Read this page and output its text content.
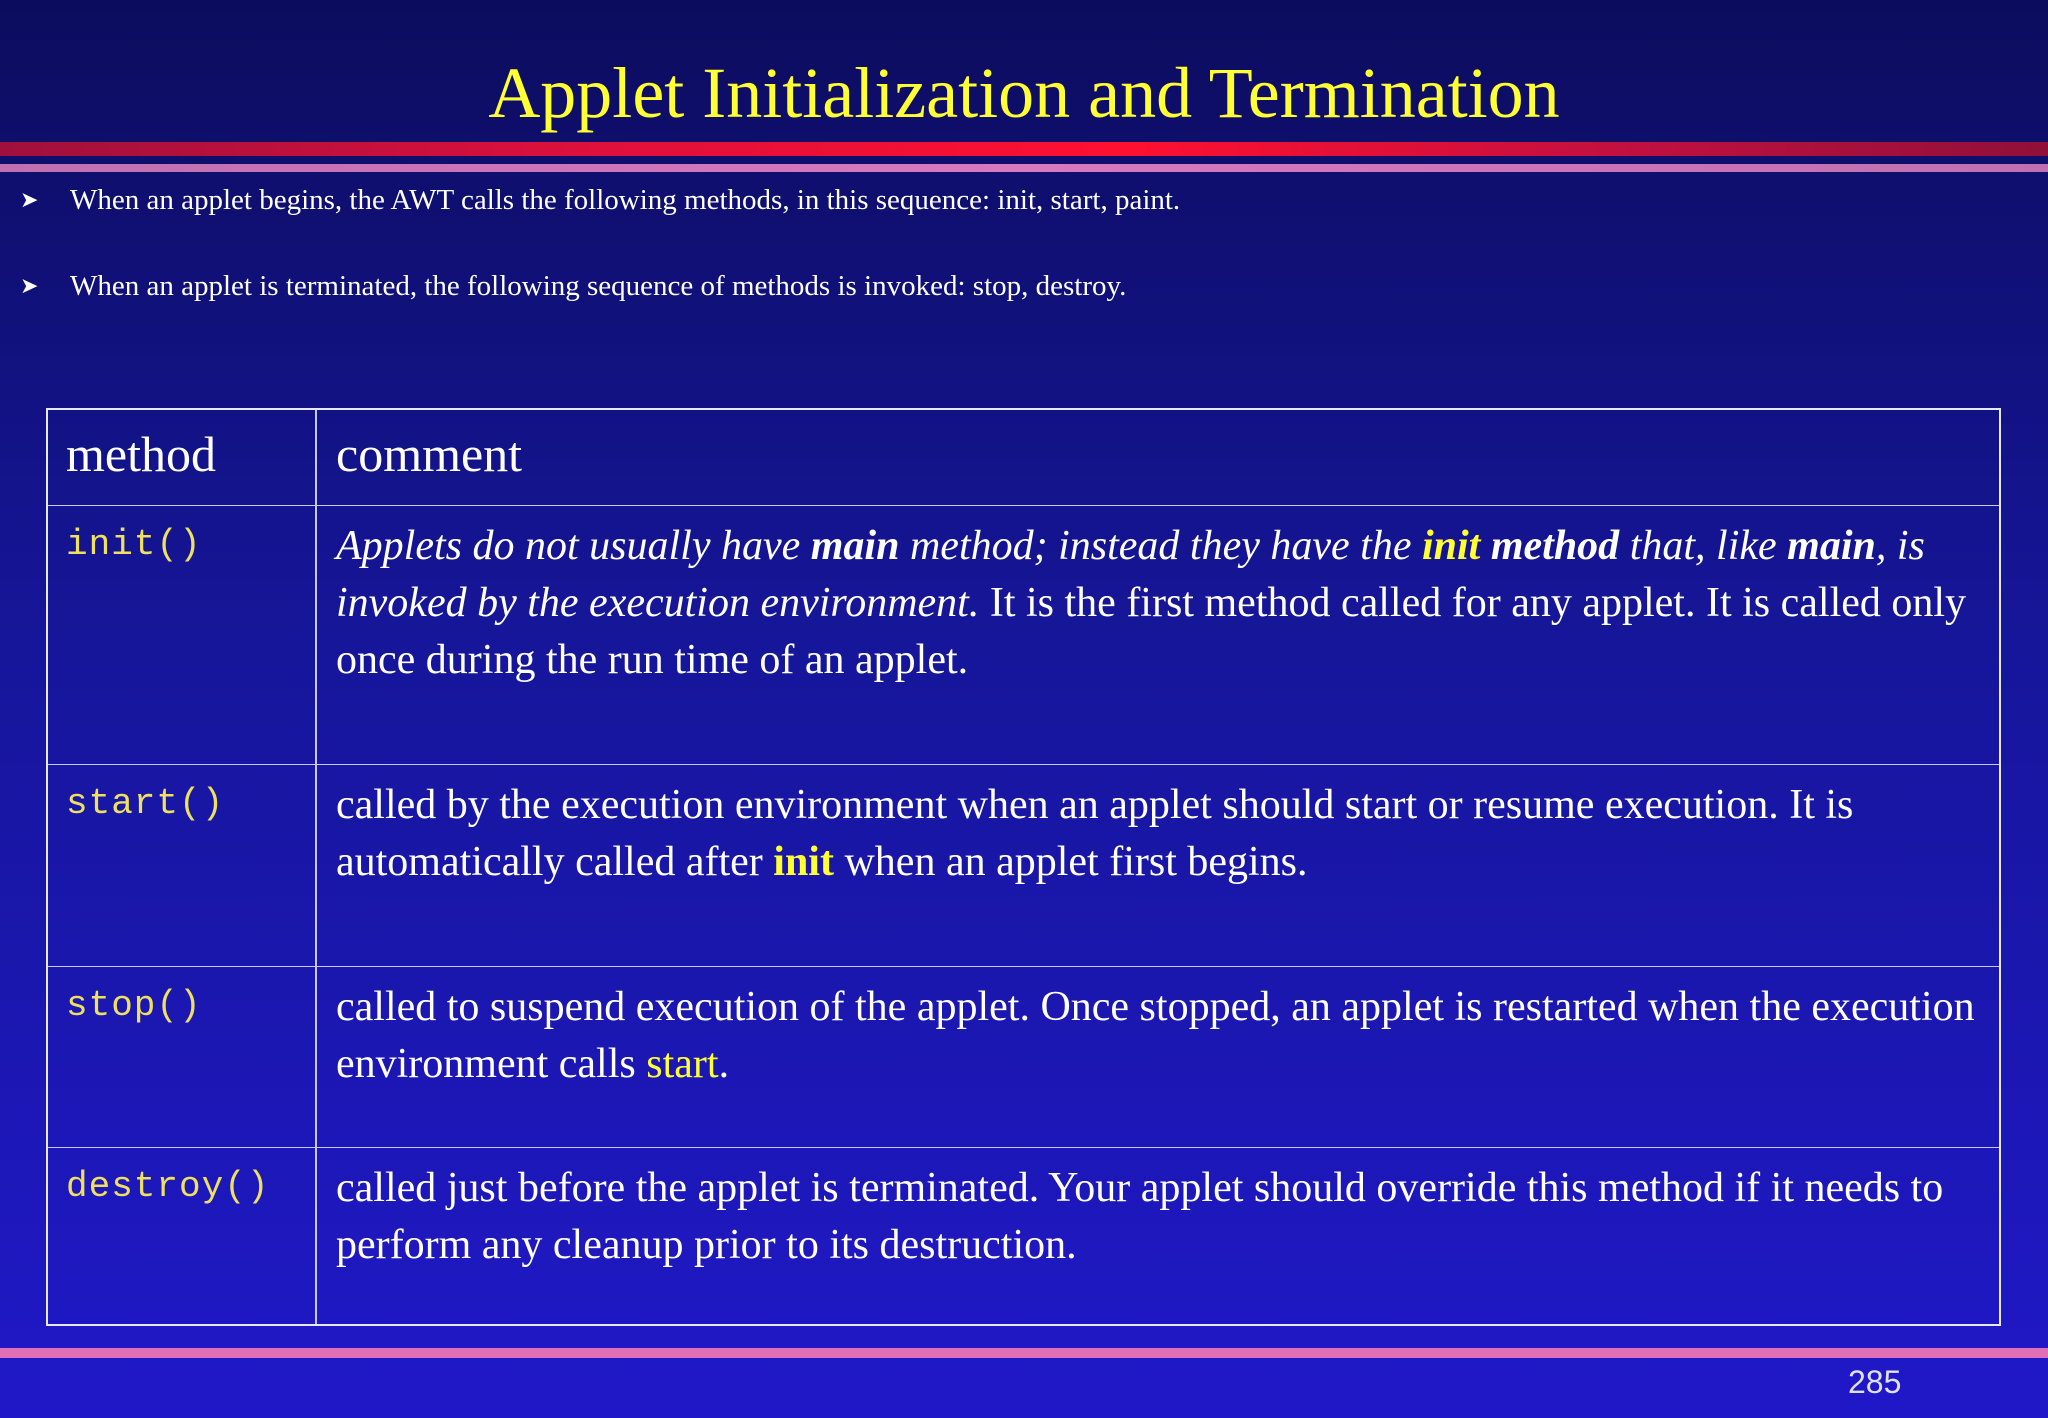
Applet Initialization and Termination
➤ When an applet begins, the AWT calls the following methods, in this sequence: init, start, paint.
➤ When an applet is terminated, the following sequence of methods is invoked: stop, destroy.
method comment
init()	Applets do not usually have main method; instead they have the init method that, like main, is invoked by the execution environment. It is the first method called for any applet. It is called only once during the run time of an applet.
start()	called by the execution environment when an applet should start or resume execution. It is automatically called after init when an applet first begins.
stop()	called to suspend execution of the applet. Once stopped, an applet is restarted when the execution environment calls start.
destroy() called just before the applet is terminated. Your applet should override this method if it needs to perform any cleanup prior to its destruction.
285
